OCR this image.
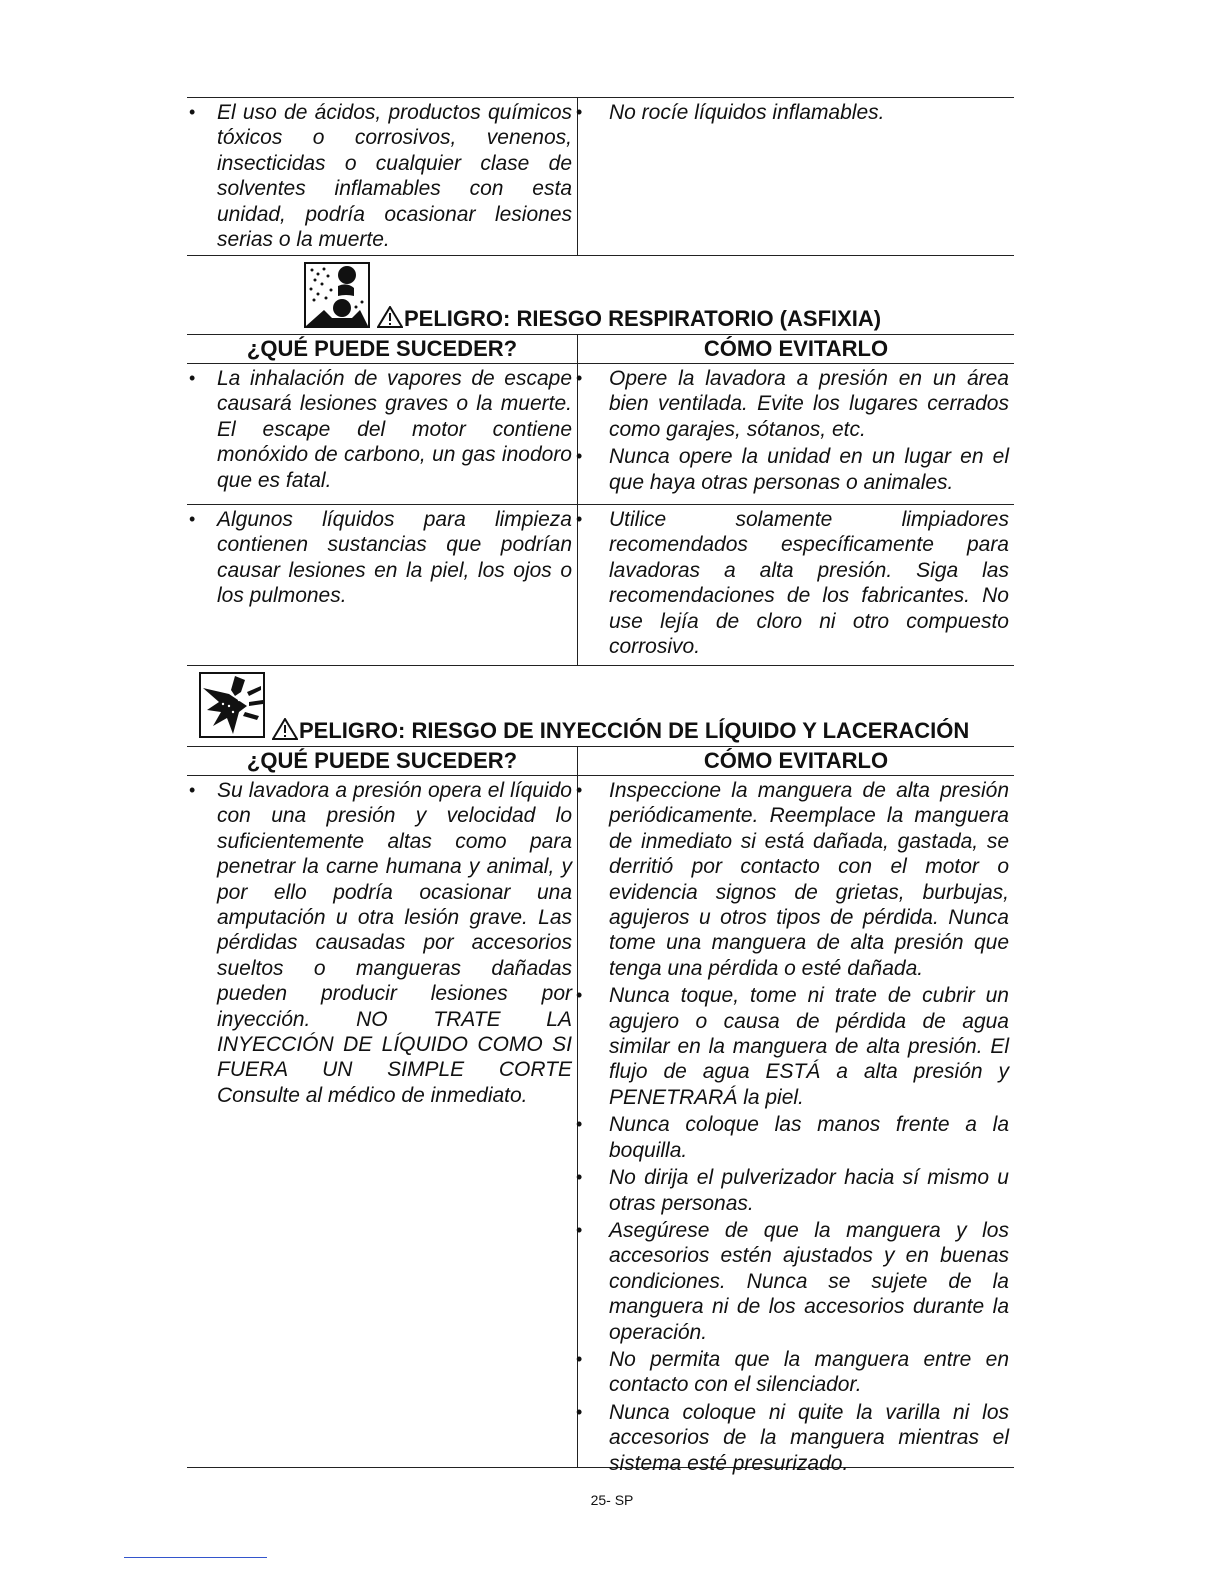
• El uso de ácidos, productos químicos tóxicos o corrosivos, venenos, insecticidas o cualquier clase de solventes inflamables con esta unidad, podría ocasionar lesiones serias o la muerte.
• No rocíe líquidos inflamables.
PELIGRO: RIESGO RESPIRATORIO (ASFIXIA)
¿QUÉ PUEDE SUCEDER?	CÓMO EVITARLO
• La inhalación de vapores de escape causará lesiones graves o la muerte. El escape del motor contiene monóxido de carbono, un gas inodoro que es fatal.
• Opere la lavadora a presión en un área bien ventilada. Evite los lugares cerrados como garajes, sótanos, etc.
• Nunca opere la unidad en un lugar en el que haya otras personas o animales.
• Algunos líquidos para limpieza contienen sustancias que podrían causar lesiones en la piel, los ojos o los pulmones.
• Utilice solamente limpiadores recomendados específicamente para lavadoras a alta presión. Siga las recomendaciones de los fabricantes. No use lejía de cloro ni otro compuesto corrosivo.
PELIGRO: RIESGO DE INYECCIÓN DE LÍQUIDO Y LACERACIÓN
¿QUÉ PUEDE SUCEDER?	CÓMO EVITARLO
• Su lavadora a presión opera el líquido con una presión y velocidad lo suficientemente altas como para penetrar la carne humana y animal, y por ello podría ocasionar una amputación u otra lesión grave. Las pérdidas causadas por accesorios sueltos o mangueras dañadas pueden producir lesiones por inyección. NO TRATE LA INYECCIÓN DE LÍQUIDO COMO SI FUERA UN SIMPLE CORTE Consulte al médico de inmediato.
• Inspeccione la manguera de alta presión periódicamente. Reemplace la manguera de inmediato si está dañada, gastada, se derritió por contacto con el motor o evidencia signos de grietas, burbujas, agujeros u otros tipos de pérdida. Nunca tome una manguera de alta presión que tenga una pérdida o esté dañada.
• Nunca toque, tome ni trate de cubrir un agujero o causa de pérdida de agua similar en la manguera de alta presión. El flujo de agua ESTÁ a alta presión y PENETRARÁ la piel.
• Nunca coloque las manos frente a la boquilla.
• No dirija el pulverizador hacia sí mismo u otras personas.
• Asegúrese de que la manguera y los accesorios estén ajustados y en buenas condiciones. Nunca se sujete de la manguera ni de los accesorios durante la operación.
• No permita que la manguera entre en contacto con el silenciador.
• Nunca coloque ni quite la varilla ni los accesorios de la manguera mientras el sistema esté presurizado.
25- SP
